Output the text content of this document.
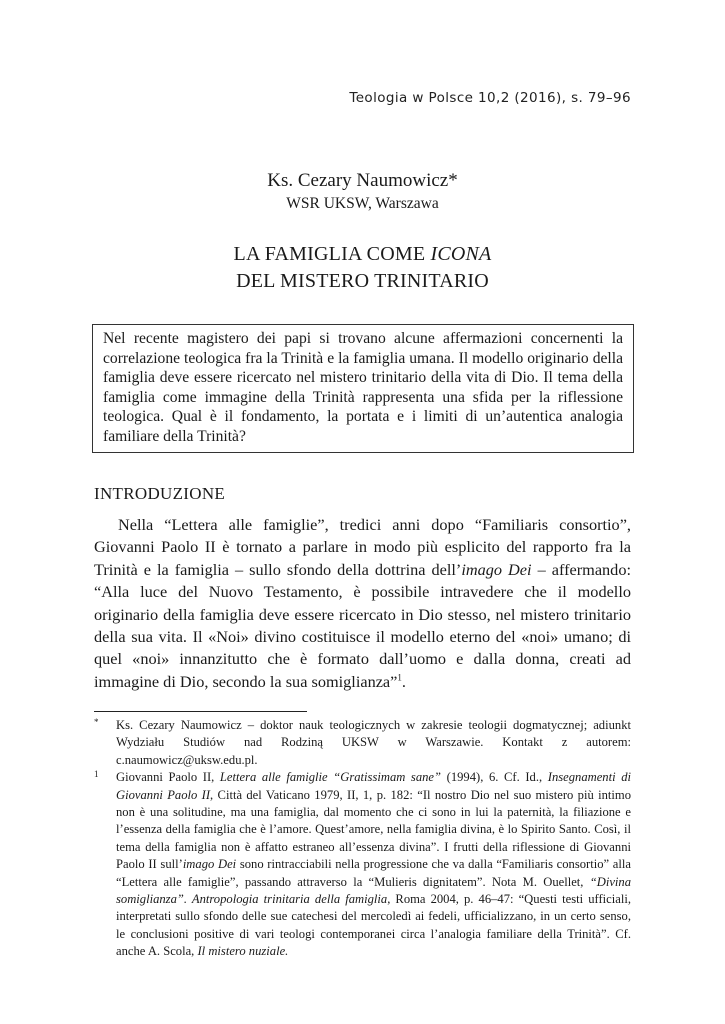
Teologia w Polsce 10,2 (2016), s. 79–96
Ks. Cezary Naumowicz*
WSR UKSW, Warszawa
LA FAMIGLIA COME ICONA
DEL MISTERO TRINITARIO
Nel recente magistero dei papi si trovano alcune affermazioni concernenti la correlazione teologica fra la Trinità e la famiglia umana. Il modello originario della famiglia deve essere ricercato nel mistero trinitario della vita di Dio. Il tema della famiglia come immagine della Trinità rappresenta una sfida per la riflessione teologica. Qual è il fondamento, la portata e i limiti di un’autentica analogia familiare della Trinità?
INTRODUZIONE

Nella “Lettera alle famiglie”, tredici anni dopo “Familiaris consortio”, Giovanni Paolo II è tornato a parlare in modo più esplicito del rapporto fra la Trinità e la famiglia – sullo sfondo della dottrina dell’imago Dei – affermando: “Alla luce del Nuovo Testamento, è possibile intravedere che il modello originario della famiglia deve essere ricercato in Dio stesso, nel mistero trinitario della sua vita. Il «Noi» divino costituisce il modello eterno del «noi» umano; di quel «noi» innanzitutto che è formato dall’uomo e dalla donna, creati ad immagine di Dio, secondo la sua somiglianza”$^1$.

* Ks. Cezary Naumowicz – doktor nauk teologicznych w zakresie teologii dogmatycznej; adiunkt Wydziału Studiów nad Rodziną UKSW w Warszawie. Kontakt z autorem: c.naumowicz@uksw.edu.pl.
1 Giovanni Paolo II, Lettera alle famiglie “Gratissimam sane” (1994), 6. Cf. Id., Insegnamenti di Giovanni Paolo II, Città del Vaticano 1979, II, 1, p. 182: “Il nostro Dio nel suo mistero più intimo non è una solitudine, ma una famiglia, dal momento che ci sono in lui la paternità, la filiazione e l’essenza della famiglia che è l’amore. Quest’amore, nella famiglia divina, è lo Spirito Santo. Così, il tema della famiglia non è affatto estraneo all’essenza divina”. I frutti della riflessione di Giovanni Paolo II sull’imago Dei sono rintracciabili nella progressione che va dalla “Familiaris consortio” alla “Lettera alle famiglie”, passando attraverso la “Mulieris dignitatem”. Nota M. Ouellet, “Divina somiglianza”. Antropologia trinitaria della famiglia, Roma 2004, p. 46–47: “Questi testi ufficiali, interpretati sullo sfondo delle sue catechesi del mercoledì ai fedeli, ufficializzano, in un certo senso, le conclusioni positive di vari teologi contemporanei circa l’analogia familiare della Trinità”. Cf. anche A. Scola, Il mistero nuziale.
